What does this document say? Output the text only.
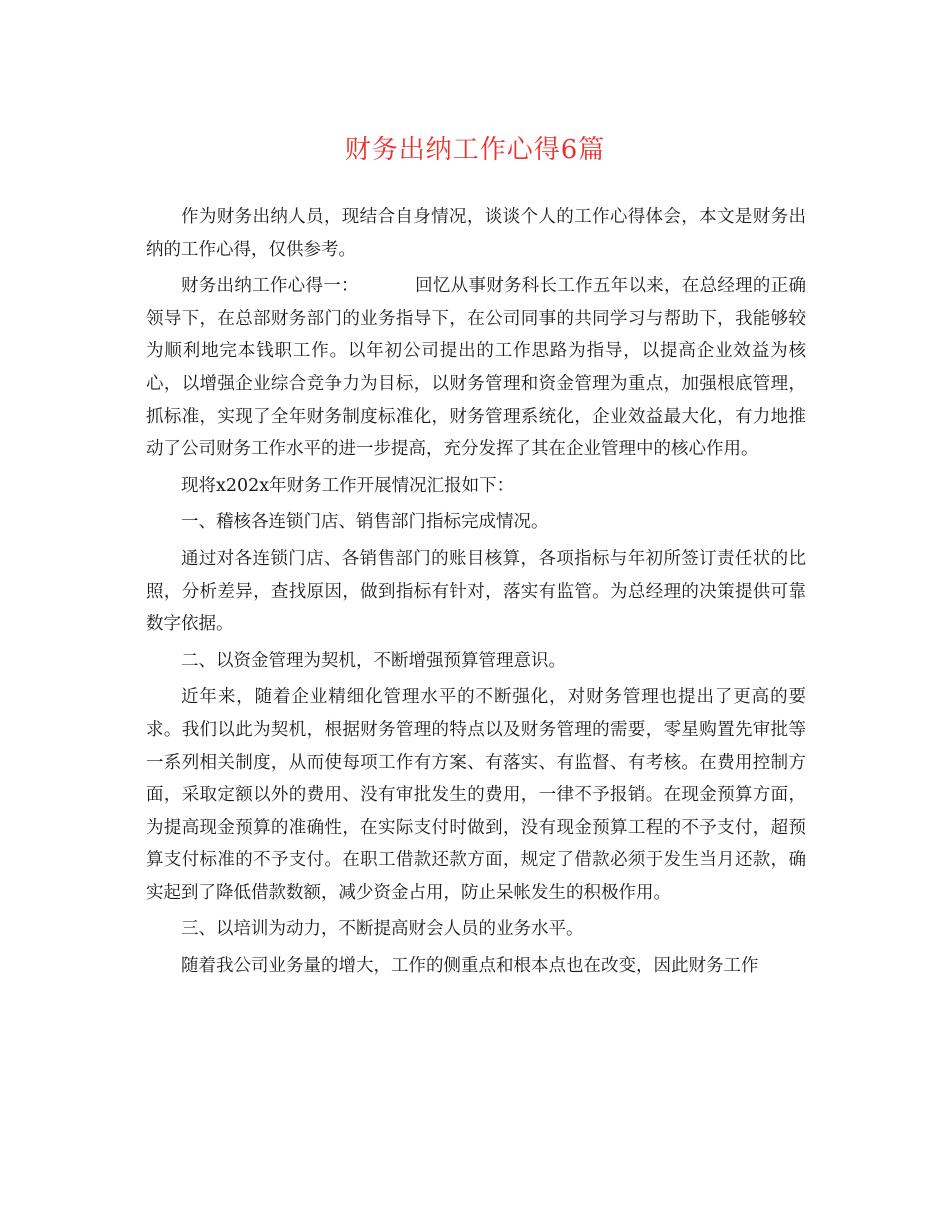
财务出纳工作心得6篇

作为财务出纳人员，现结合自身情况，谈谈个人的工作心得体会，本文是财务出纳的工作心得，仅供参考。

财务出纳工作心得一：	回忆从事财务科长工作五年以来，在总经理的正确领导下，在总部财务部门的业务指导下，在公司同事的共同学习与帮助下，我能够较为顺利地完本钱职工作。以年初公司提出的工作思路为指导，以提高企业效益为核心，以增强企业综合竞争力为目标，以财务管理和资金管理为重点，加强根底管理，抓标准，实现了全年财务制度标准化，财务管理系统化，企业效益最大化，有力地推动了公司财务工作水平的进一步提高，充分发挥了其在企业管理中的核心作用。

现将x202x年财务工作开展情况汇报如下：

一、稽核各连锁门店、销售部门指标完成情况。

通过对各连锁门店、各销售部门的账目核算，各项指标与年初所签订责任状的比照，分析差异，查找原因，做到指标有针对，落实有监管。为总经理的决策提供可靠数字依据。

二、以资金管理为契机，不断增强预算管理意识。

近年来，随着企业精细化管理水平的不断强化，对财务管理也提出了更高的要求。我们以此为契机，根据财务管理的特点以及财务管理的需要，零星购置先审批等一系列相关制度，从而使每项工作有方案、有落实、有监督、有考核。在费用控制方面，采取定额以外的费用、没有审批发生的费用，一律不予报销。在现金预算方面，为提高现金预算的准确性，在实际支付时做到，没有现金预算工程的不予支付，超预算支付标准的不予支付。在职工借款还款方面，规定了借款必须于发生当月还款，确实起到了降低借款数额，减少资金占用，防止呆帐发生的积极作用。

三、以培训为动力，不断提高财会人员的业务水平。

随着我公司业务量的增大，工作的侧重点和根本点也在改变，因此财务工作
